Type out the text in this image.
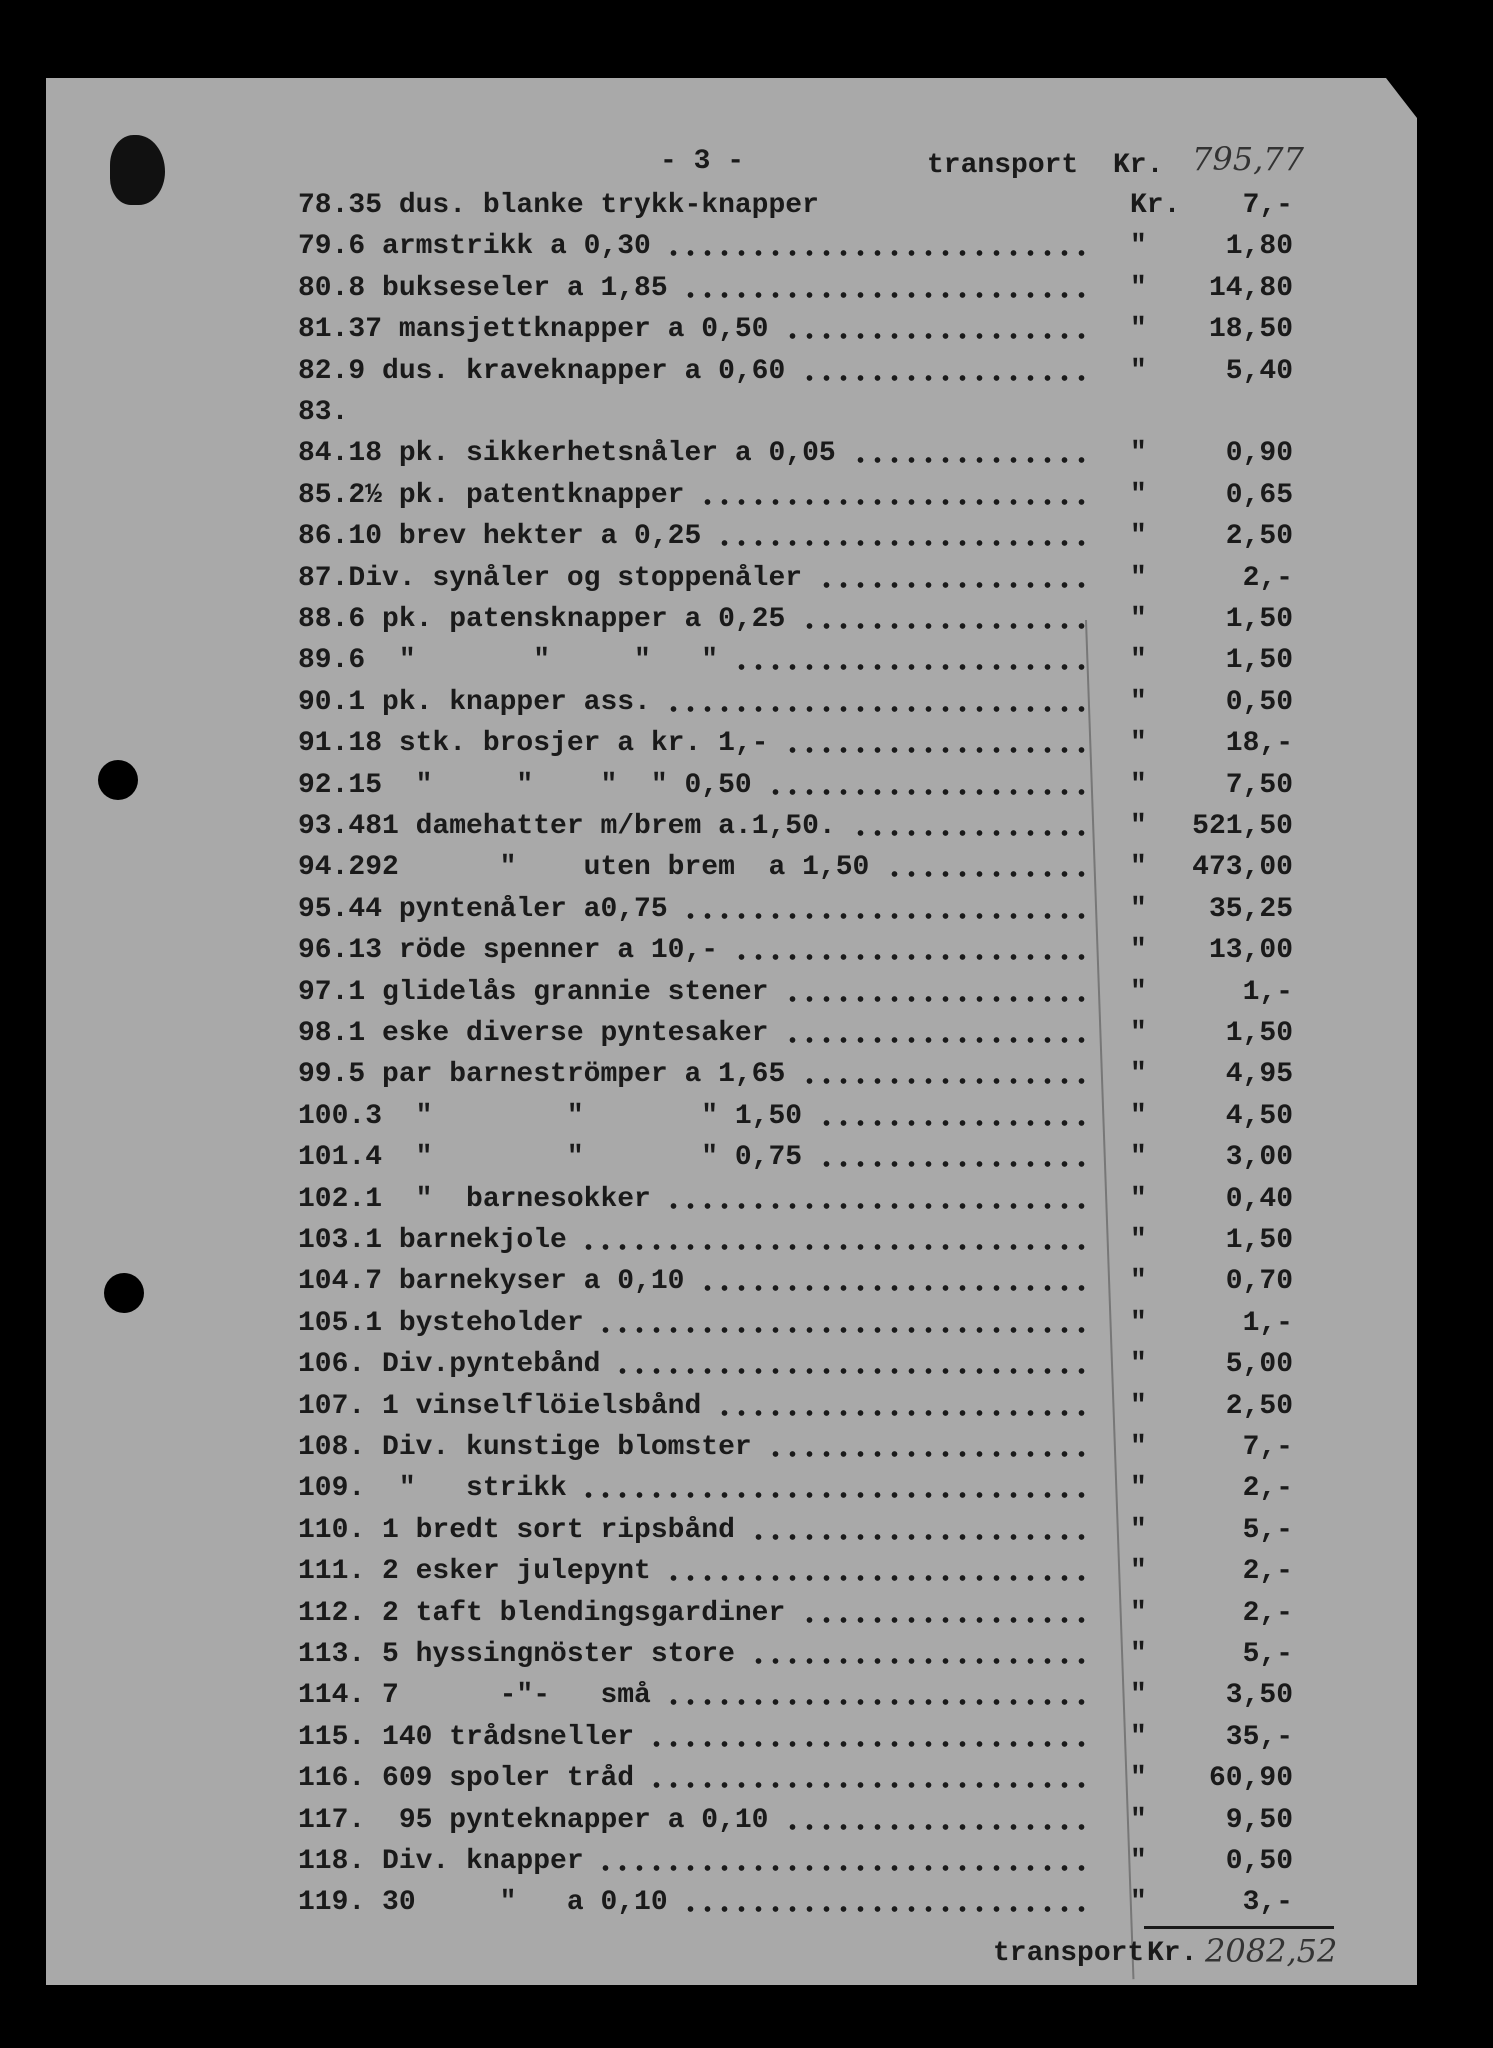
- 3 -	transport Kr. 795,77
78.35 dus. blanke trykk-knapper	Kr. 7,-
79.6 armstrikk a 0,30	"	1,80
80.8 bukseseler a 1,85	" 14,80
81.37 mansjettknapper a 0,50	" 18,50
82.9 dus. kraveknapper a 0,60	"	5,40
83.
84.18 pk. sikkerhetsnåler a 0,05	"	0,90
85.2½ pk. patentknapper	"	0,65
86.10 brev hekter a 0,25	"	2,50
87.Div. synåler og stoppenåler	"	2,-
88.6 pk. patensknapper a 0,25	"	1,50
89.6  "       "     "   "	"	1,50
90.1 pk. knapper ass.	"	0,50
91.18 stk. brosjer a kr. 1,-	"	18,-
92.15  "     "    "  " 0,50	"	7,50
93.481 damehatter m/brem a.1,50.	" 521,50
94.292      "    uten brem  a 1,50	" 473,00
95.44 pyntenåler a0,75	" 35,25
96.13 röde spenner a 10,-	" 13,00
97.1 glidelås grannie stener	"	1,-
98.1 eske diverse pyntesaker	"	1,50
99.5 par barneströmper a 1,65	"	4,95
100.3  "        "       " 1,50	"	4,50
101.4  "        "       " 0,75	"	3,00
102.1  "  barnesokker	"	0,40
103.1 barnekjole	"	1,50
104.7 barnekyser a 0,10	"	0,70
105.1 bysteholder	"	1,-
106. Div.pyntebånd	"	5,00
107. 1 vinselflöielsbånd	"	2,50
108. Div. kunstige blomster	"	7,-
109.  "   strikk	"	2,-
110. 1 bredt sort ripsbånd	"	5,-
111. 2 esker julepynt	"	2,-
112. 2 taft blendingsgardiner	"	2,-
113. 5 hyssingnöster store	"	5,-
114. 7      -"-   små	"	3,50
115. 140 trådsneller	"	35,-
116. 609 spoler tråd	" 60,90
117.  95 pynteknapper a 0,10	"	9,50
118. Div. knapper	"	0,50
119. 30     "   a 0,10	"	3,-
transport Kr. 2082,52
